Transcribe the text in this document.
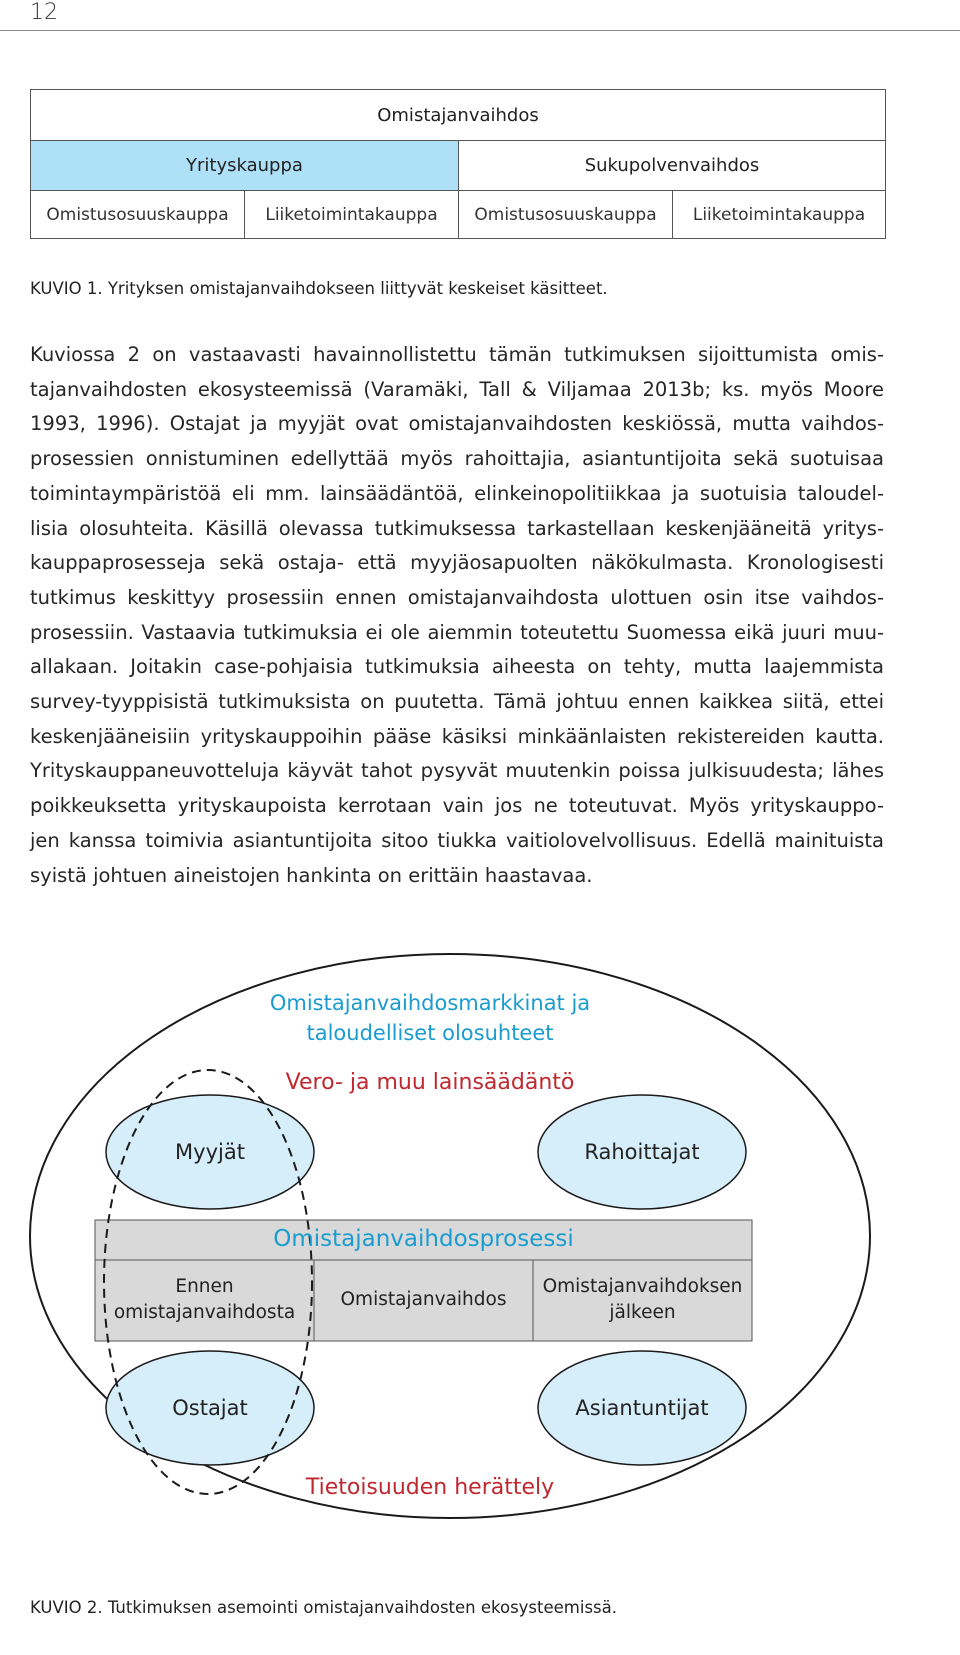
12
Omistajanvaihdos
Yrityskauppa	Sukupolvenvaihdos
Omistusosuuskauppa	Liiketoimintakauppa	Omistusosuuskauppa	Liiketoimintakauppa
KUVIO 1. Yrityksen omistajanvaihdokseen liittyvät keskeiset käsitteet.
Kuviossa 2 on vastaavasti havainnollistettu tämän tutkimuksen sijoittumista omis-
tajanvaihdosten ekosysteemissä (Varamäki, Tall & Viljamaa 2013b; ks. myös Moore
1993, 1996). Ostajat ja myyjät ovat omistajanvaihdosten keskiössä, mutta vaihdos-
prosessien onnistuminen edellyttää myös rahoittajia, asiantuntijoita sekä suotuisaa
toimintaympäristöä eli mm. lainsäädäntöä, elinkeinopolitiikkaa ja suotuisia taloudel-
lisia olosuhteita. Käsillä olevassa tutkimuksessa tarkastellaan keskenjääneitä yritys-
kauppaprosesseja sekä ostaja- että myyjäosapuolten näkökulmasta. Kronologisesti
tutkimus keskittyy prosessiin ennen omistajanvaihdosta ulottuen osin itse vaihdos-
prosessiin. Vastaavia tutkimuksia ei ole aiemmin toteutettu Suomessa eikä juuri muu-
allakaan. Joitakin case-pohjaisia tutkimuksia aiheesta on tehty, mutta laajemmista
survey-tyyppisistä tutkimuksista on puutetta. Tämä johtuu ennen kaikkea siitä, ettei
keskenjääneisiin yrityskauppoihin pääse käsiksi minkäänlaisten rekistereiden kautta.
Yrityskauppaneuvotteluja käyvät tahot pysyvät muutenkin poissa julkisuudesta; lähes
poikkeuksetta yrityskaupoista kerrotaan vain jos ne toteutuvat. Myös yrityskauppo-
jen kanssa toimivia asiantuntijoita sitoo tiukka vaitiolovelvollisuus. Edellä mainituista
syistä johtuen aineistojen hankinta on erittäin haastavaa.
Omistajanvaihdosmarkkinat ja
taloudelliset olosuhteet
Vero- ja muu lainsäädäntö
Myyjät	Rahoittajat
Ostajat	Asiantuntijat
Omistajanvaihdosprosessi
Ennen
omistajanvaihdosta
Omistajanvaihdos
Omistajanvaihdoksen
jälkeen
Tietoisuuden herättely
KUVIO 2. Tutkimuksen asemointi omistajanvaihdosten ekosysteemissä.
